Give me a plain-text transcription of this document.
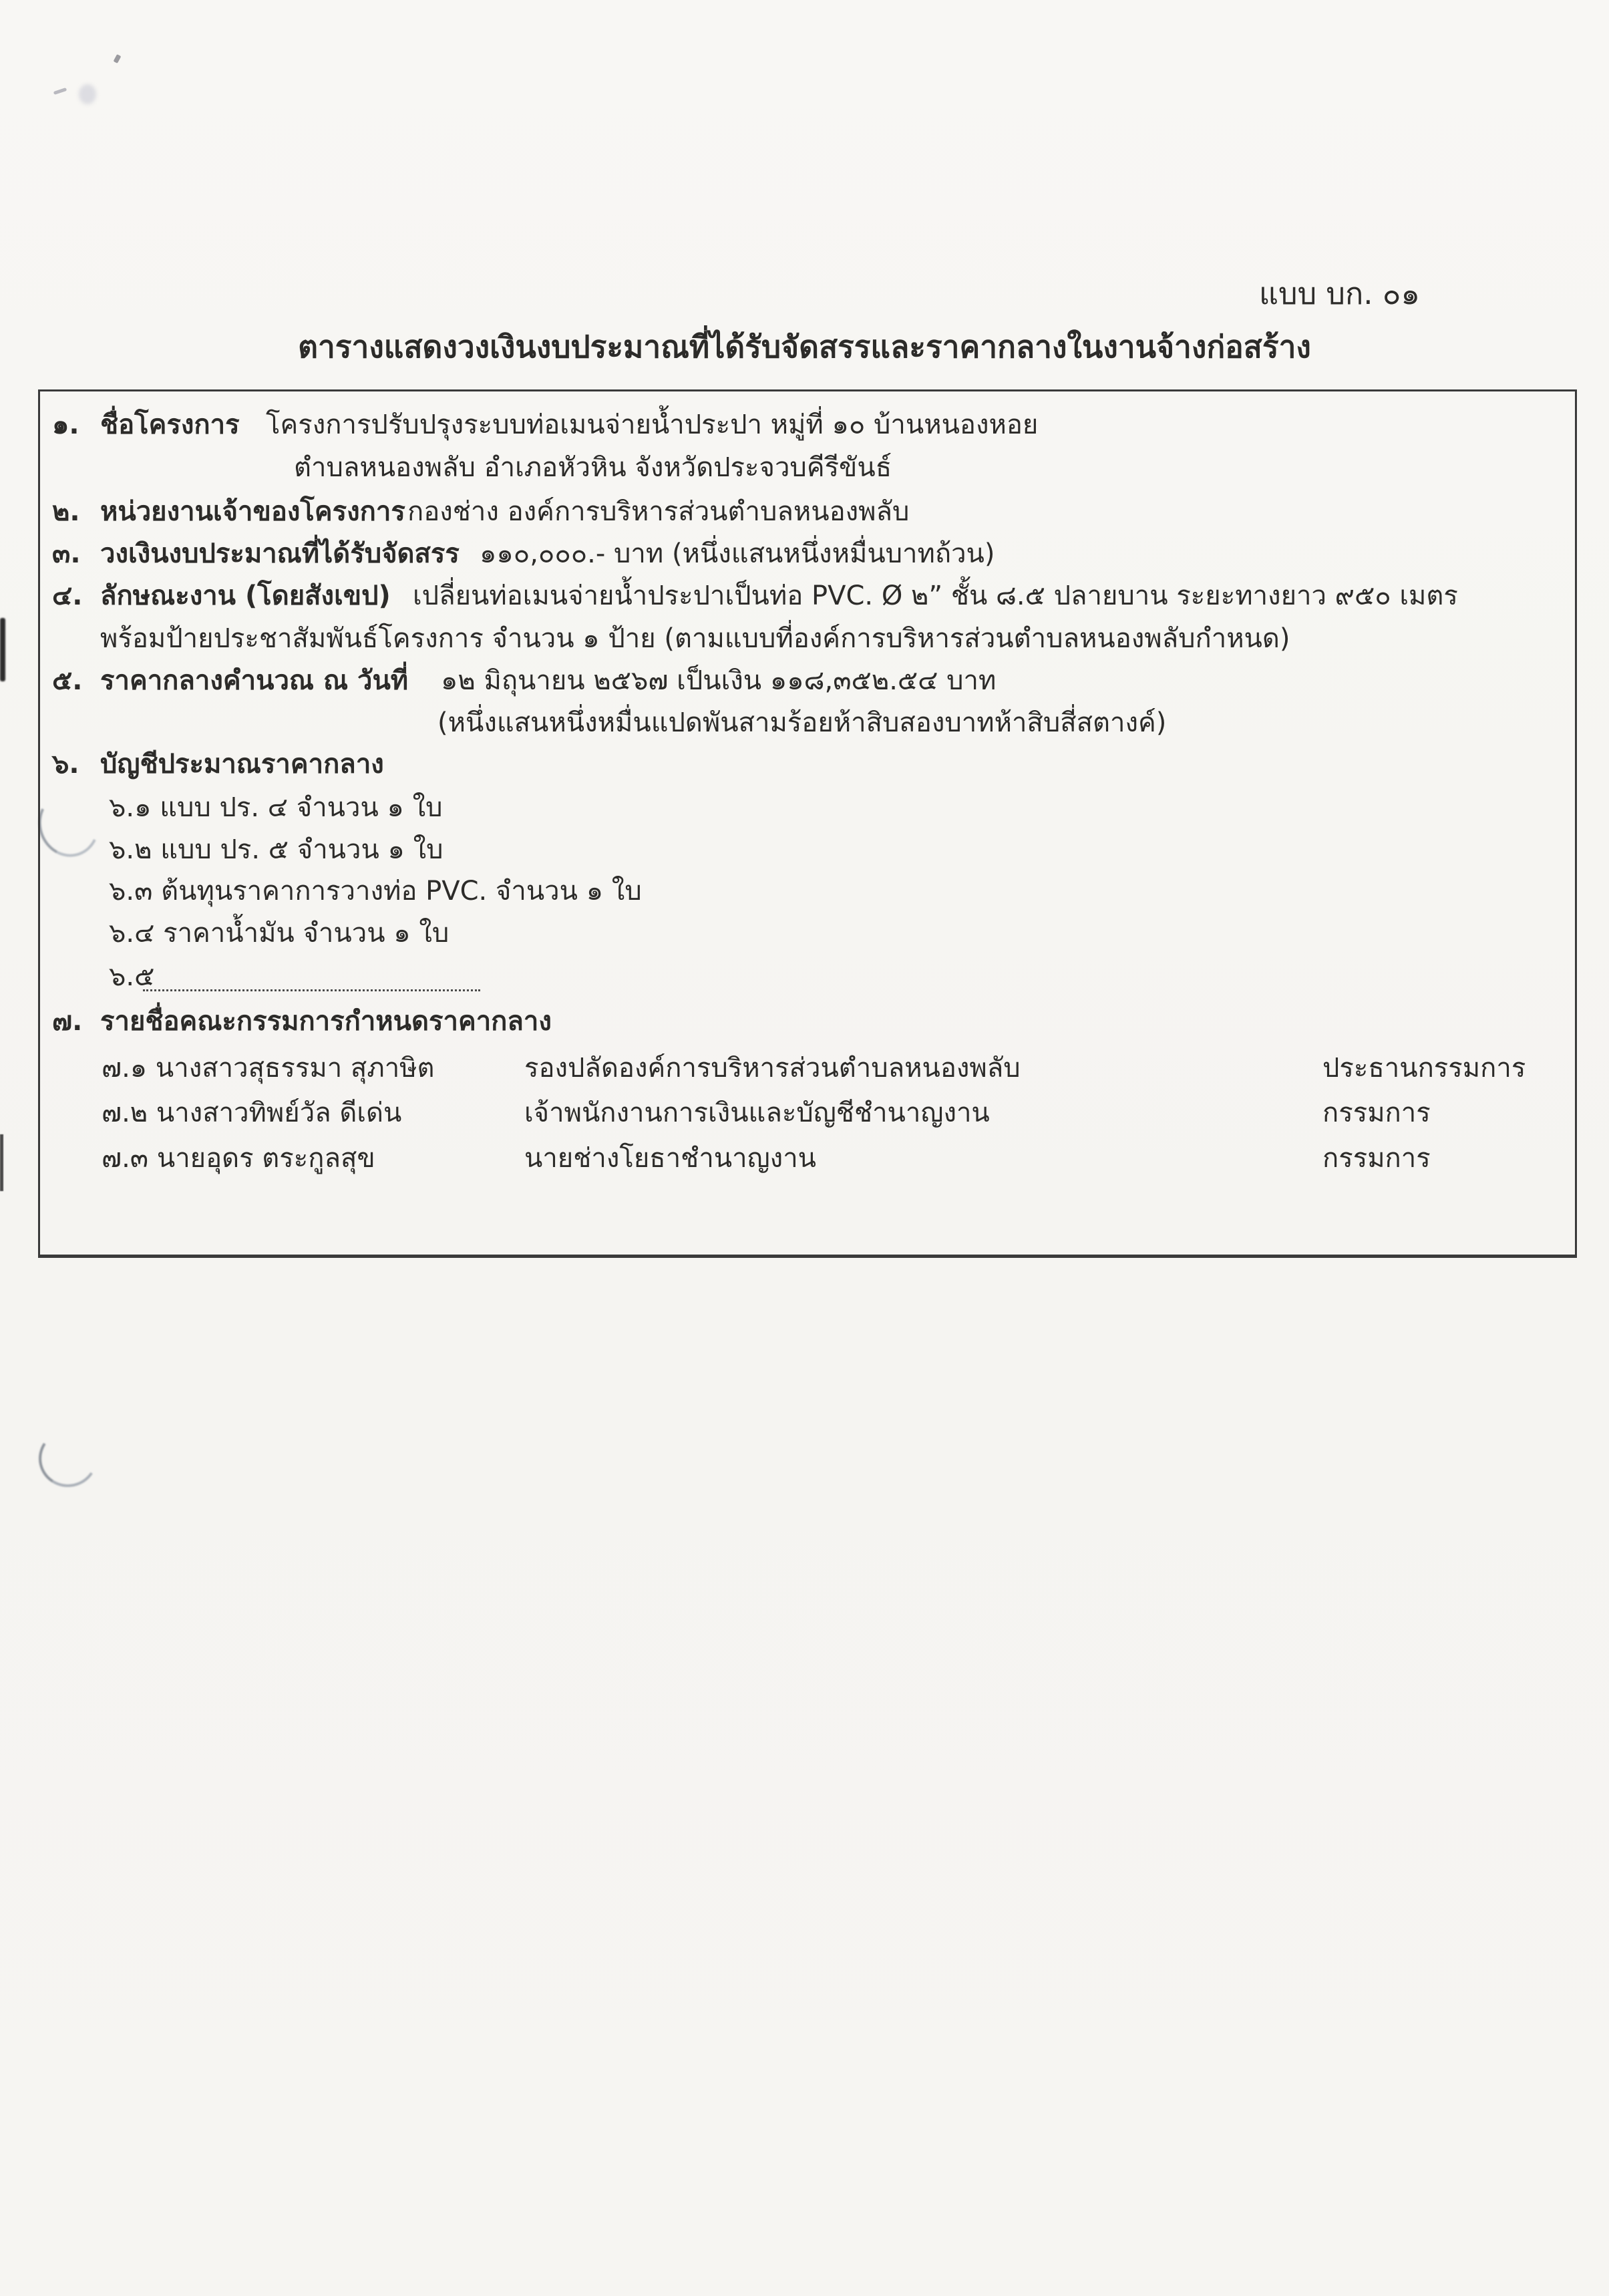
แบบ บก. ๐๑
ตารางแสดงวงเงินงบประมาณที่ได้รับจัดสรรและราคากลางในงานจ้างก่อสร้าง
๑. ชื่อโครงการ โครงการปรับปรุงระบบท่อเมนจ่ายน้ำประปา หมู่ที่ ๑๐ บ้านหนองหอย
ตำบลหนองพลับ อำเภอหัวหิน จังหวัดประจวบคีรีขันธ์
๒. หน่วยงานเจ้าของโครงการ กองช่าง องค์การบริหารส่วนตำบลหนองพลับ
๓. วงเงินงบประมาณที่ได้รับจัดสรร ๑๑๐,๐๐๐.- บาท (หนึ่งแสนหนึ่งหมื่นบาทถ้วน)
๔. ลักษณะงาน (โดยสังเขป) เปลี่ยนท่อเมนจ่ายน้ำประปาเป็นท่อ PVC. Ø ๒” ชั้น ๘.๕ ปลายบาน ระยะทางยาว ๙๕๐ เมตร
พร้อมป้ายประชาสัมพันธ์โครงการ จำนวน ๑ ป้าย (ตามแบบที่องค์การบริหารส่วนตำบลหนองพลับกำหนด)
๕. ราคากลางคำนวณ ณ วันที่ ๑๒ มิถุนายน ๒๕๖๗ เป็นเงิน ๑๑๘,๓๕๒.๕๔ บาท
(หนึ่งแสนหนึ่งหมื่นแปดพันสามร้อยห้าสิบสองบาทห้าสิบสี่สตางค์)
๖. บัญชีประมาณราคากลาง
๖.๑ แบบ ปร. ๔ จำนวน ๑ ใบ
๖.๒ แบบ ปร. ๕ จำนวน ๑ ใบ
๖.๓ ต้นทุนราคาการวางท่อ PVC. จำนวน ๑ ใบ
๖.๔ ราคาน้ำมัน จำนวน ๑ ใบ
๖.๕
๗. รายชื่อคณะกรรมการกำหนดราคากลาง
๗.๑ นางสาวสุธรรมา สุภาษิต	รองปลัดองค์การบริหารส่วนตำบลหนองพลับ	ประธานกรรมการ
๗.๒ นางสาวทิพย์วัล ดีเด่น	เจ้าพนักงานการเงินและบัญชีชำนาญงาน	กรรมการ
๗.๓ นายอุดร ตระกูลสุข	นายช่างโยธาชำนาญงาน	กรรมการ
